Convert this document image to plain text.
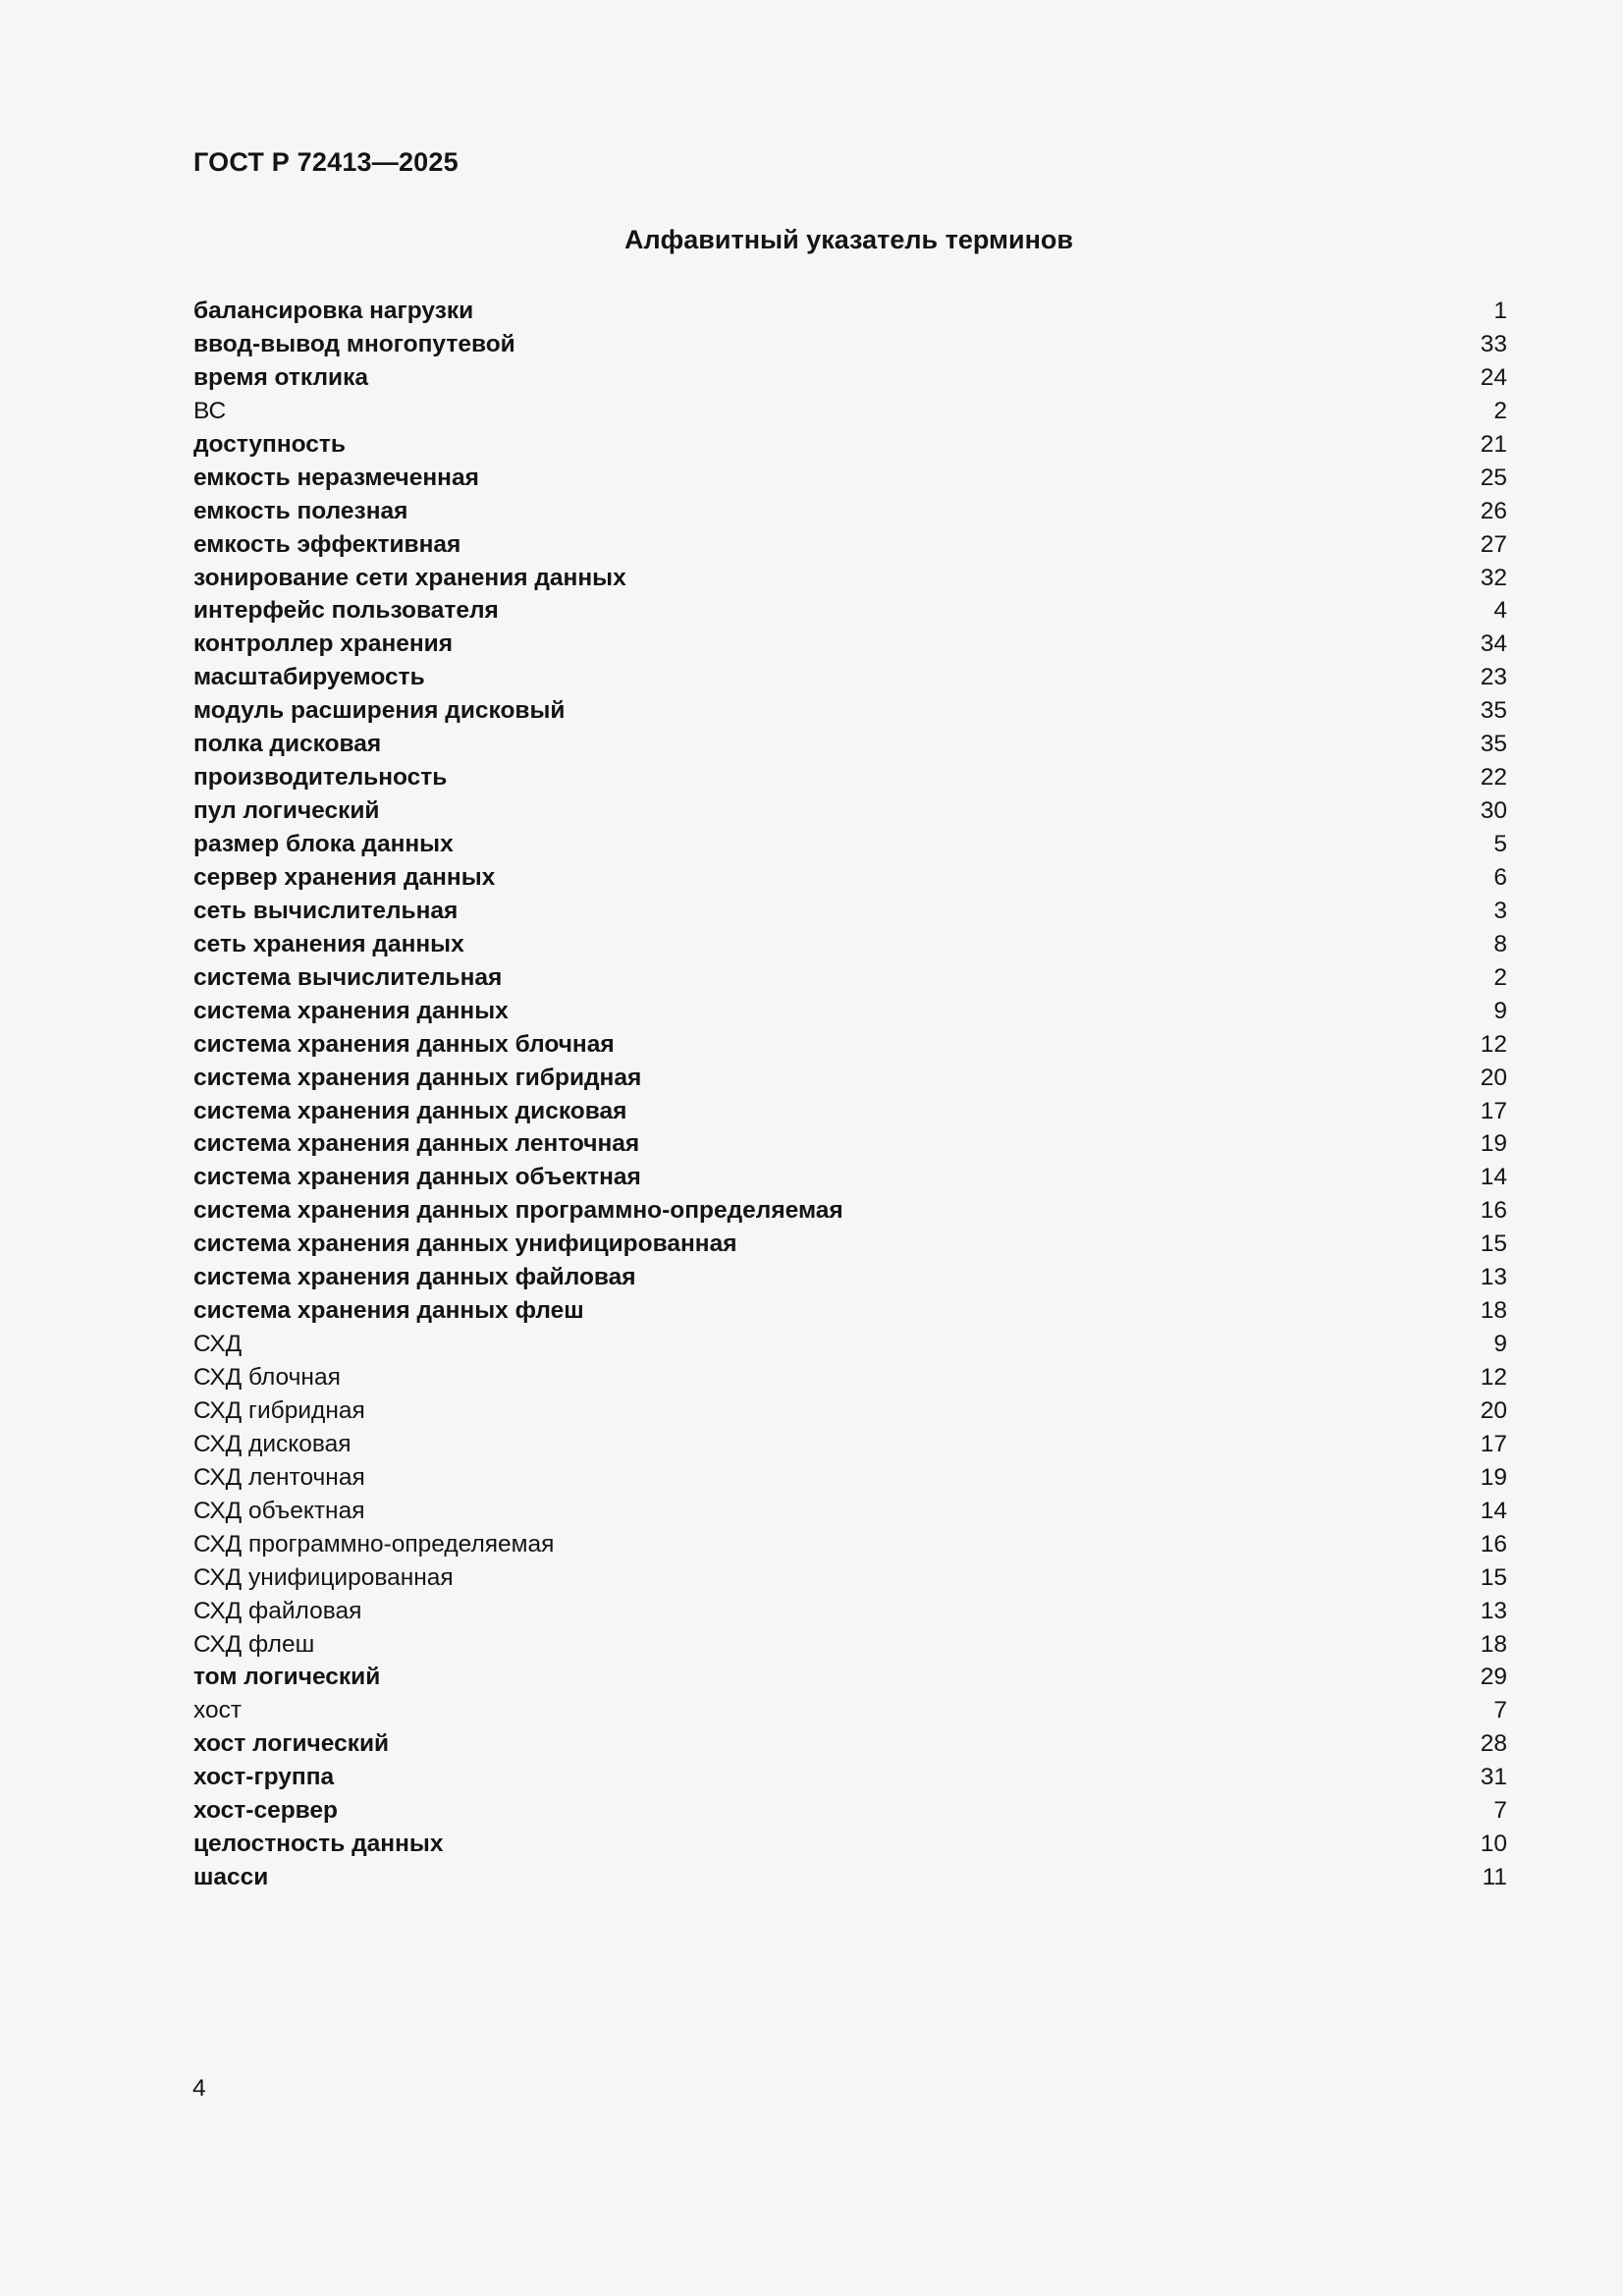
ГОСТ Р 72413—2025
Алфавитный указатель терминов
балансировка нагрузки	1
ввод-вывод многопутевой	33
время отклика	24
ВС	2
доступность	21
емкость неразмеченная	25
емкость полезная	26
емкость эффективная	27
зонирование сети хранения данных	32
интерфейс пользователя	4
контроллер хранения	34
масштабируемость	23
модуль расширения дисковый	35
полка дисковая	35
производительность	22
пул логический	30
размер блока данных	5
сервер хранения данных	6
сеть вычислительная	3
сеть хранения данных	8
система вычислительная	2
система хранения данных	9
система хранения данных блочная	12
система хранения данных гибридная	20
система хранения данных дисковая	17
система хранения данных ленточная	19
система хранения данных объектная	14
система хранения данных программно-определяемая	16
система хранения данных унифицированная	15
система хранения данных файловая	13
система хранения данных флеш	18
СХД	9
СХД блочная	12
СХД гибридная	20
СХД дисковая	17
СХД ленточная	19
СХД объектная	14
СХД программно-определяемая	16
СХД унифицированная	15
СХД файловая	13
СХД флеш	18
том логический	29
хост	7
хост логический	28
хост-группа	31
хост-сервер	7
целостность данных	10
шасси	11
4
